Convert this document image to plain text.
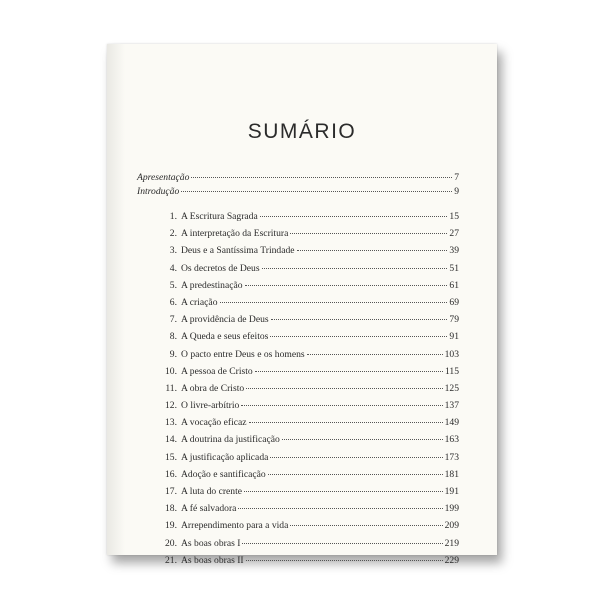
SUMÁRIO
Apresentação	7
Introdução	9
1. A Escritura Sagrada	15
2. A interpretação da Escritura	27
3. Deus e a Santíssima Trindade	39
4. Os decretos de Deus	51
5. A predestinação	61
6. A criação	69
7. A providência de Deus	79
8. A Queda e seus efeitos	91
9. O pacto entre Deus e os homens	103
10. A pessoa de Cristo	115
11. A obra de Cristo	125
12. O livre-arbítrio	137
13. A vocação eficaz	149
14. A doutrina da justificação	163
15. A justificação aplicada	173
16. Adoção e santificação	181
17. A luta do crente	191
18. A fé salvadora	199
19. Arrependimento para a vida	209
20. As boas obras I	219
21. As boas obras II	229
